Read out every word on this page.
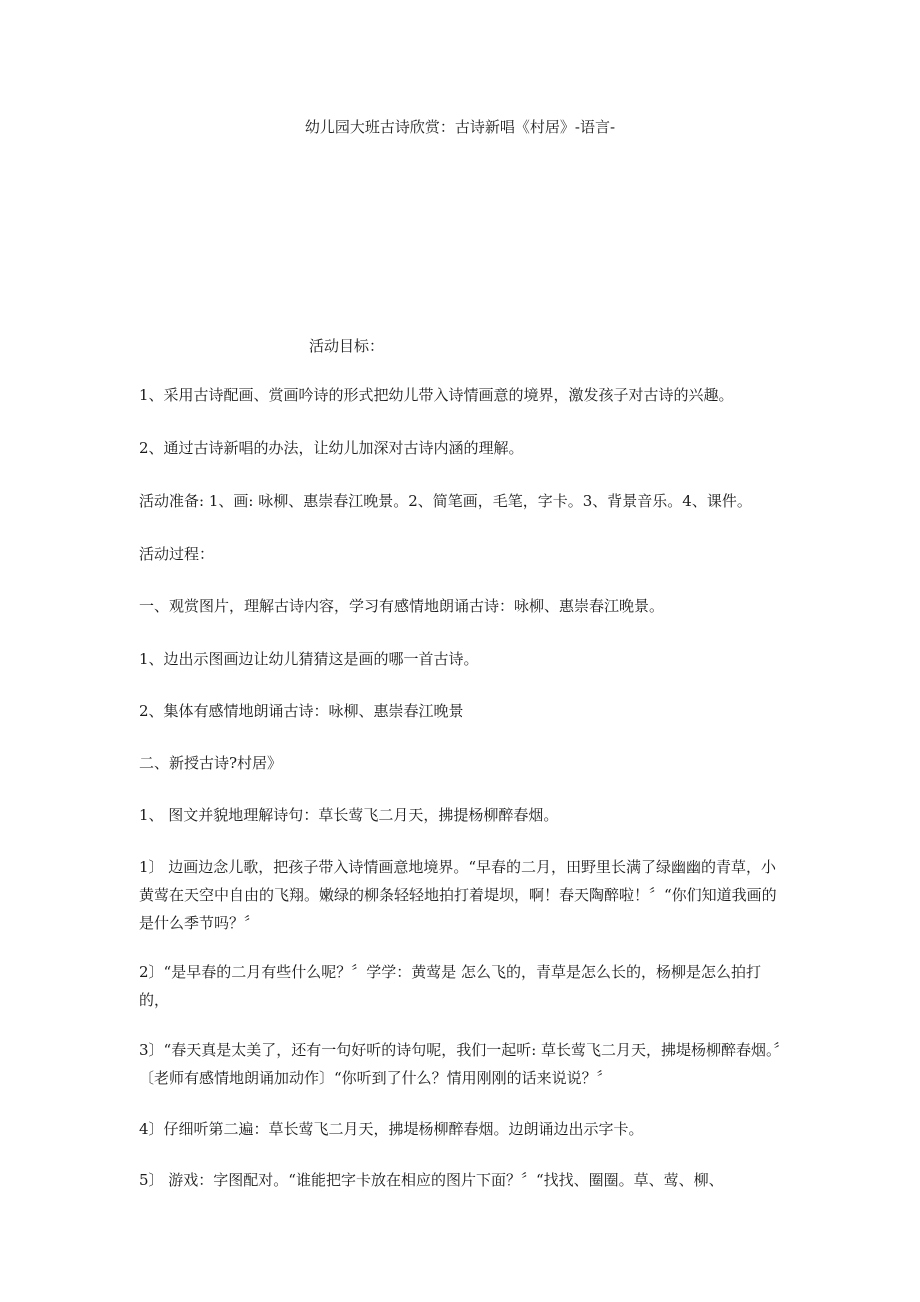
幼儿园大班古诗欣赏：古诗新唱《村居》-语言-
活动目标：
1、采用古诗配画、赏画吟诗的形式把幼儿带入诗情画意的境界，激发孩子对古诗的兴趣。
2、通过古诗新唱的办法，让幼儿加深对古诗内涵的理解。
活动准备: 1、画: 咏柳、惠崇春江晚景。2、简笔画，毛笔，字卡。3、背景音乐。4、课件。
活动过程：
一、观赏图片，理解古诗内容，学习有感情地朗诵古诗：咏柳、惠崇春江晚景。
1、边出示图画边让幼儿猜猜这是画的哪一首古诗。
2、集体有感情地朗诵古诗：咏柳、惠崇春江晚景
二、新授古诗?村居》
1、 图文并貌地理解诗句：草长莺飞二月天，拂提杨柳醉春烟。
1〕 边画边念儿歌，把孩子带入诗情画意地境界。“早春的二月，田野里长满了绿幽幽的青草，小黄莺在天空中自由的飞翔。嫩绿的柳条轻轻地拍打着堤坝，啊！春天陶醉啦！〞“你们知道我画的是什么季节吗？〞
2〕“是早春的二月有些什么呢？〞学学：黄莺是 怎么飞的，青草是怎么长的，杨柳是怎么拍打的，
3〕“春天真是太美了，还有一句好听的诗句呢，我们一起听: 草长莺飞二月天，拂堤杨柳醉春烟。〞〔老师有感情地朗诵加动作〕“你听到了什么？情用刚刚的话来说说？〞
4〕仔细听第二遍：草长莺飞二月天，拂堤杨柳醉春烟。边朗诵边出示字卡。
5〕 游戏：字图配对。“谁能把字卡放在相应的图片下面？〞“找找、圈圈。草、莺、柳、
